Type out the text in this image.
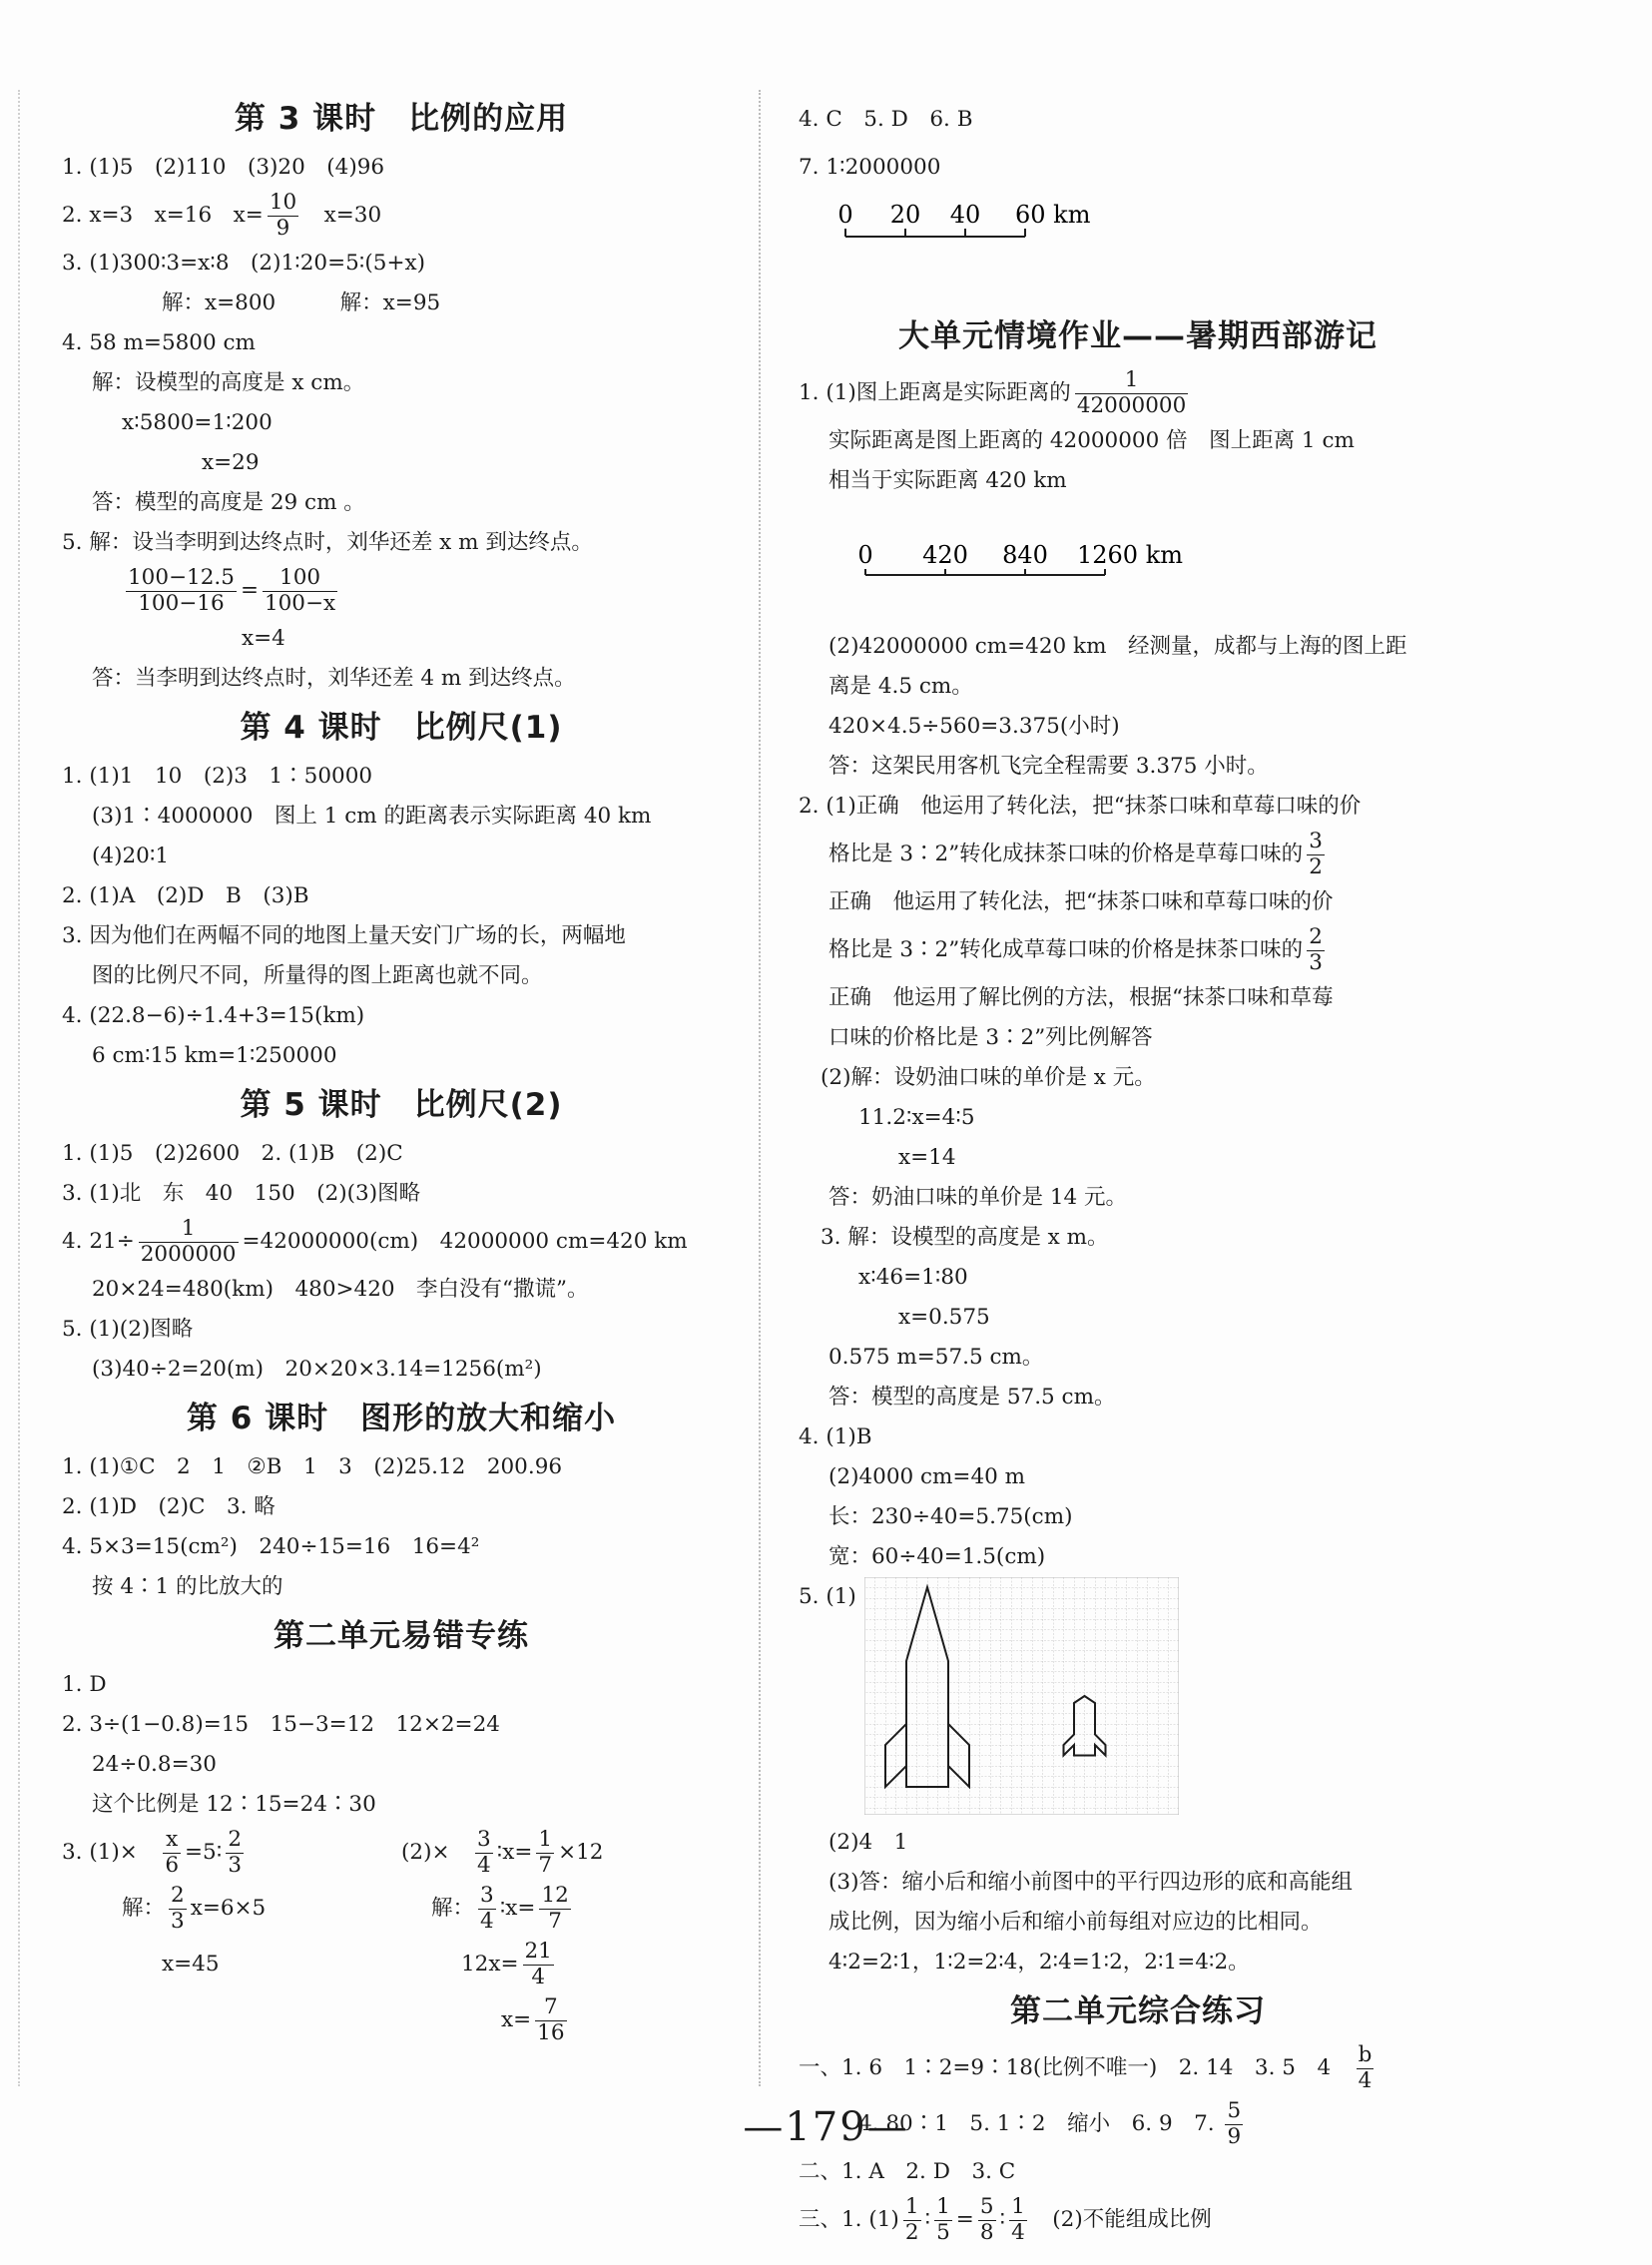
第 3 课时　比例的应用
1. (1)5　(2)110　(3)20　(4)96
2. x=3　x=16　$x= \frac{10}{9}$ 　x=30
3. (1)300∶3=x∶8　(2)1∶20=5∶(5+x)
解：x=800　　　解：x=95
4. 58 m=5800 cm
解：设模型的高度是 x cm。
x∶5800=1∶200
x=29
答：模型的高度是 29 cm 。
5. 解：设当李明到达终点时，刘华还差 x m 到达终点。
$\frac{100-12.5}{100-16} = \frac{100}{100-x}$
x=4
答：当李明到达终点时，刘华还差 4 m 到达终点。
第 4 课时　比例尺(1)
1. (1)1　10　(2)3　1∶50000
(3)1∶4000000　图上 1 cm 的距离表示实际距离 40 km
(4)20∶1
2. (1)A　(2)D　B　(3)B
3. 因为他们在两幅不同的地图上量天安门广场的长，两幅地
图的比例尺不同，所量得的图上距离也就不同。
4. (22.8−6)÷1.4+3=15(km)
6 cm∶15 km=1∶250000
第 5 课时　比例尺(2)
1. (1)5　(2)2600　2. (1)B　(2)C
3. (1)北　东　40　150　(2)(3)图略
4. $21\div \frac{1}{2000000} =42000000(cm)$　42000000 cm=420 km
20×24=480(km)　480>420　李白没有“撒谎”。
5. (1)(2)图略
(3)40÷2=20(m)　20×20×3.14=1256(m²)
第 6 课时　图形的放大和缩小
1. (1)①C　2　1　②B　1　3　(2)25.12　200.96
2. (1)D　(2)C　3. 略
4. 5×3=15(cm²)　240÷15=16　16=4²
按 4∶1 的比放大的
第二单元易错专练
1. D
2. 3÷(1−0.8)=15　15−3=12　12×2=24
24÷0.8=30
这个比例是 12∶15=24∶30
3. (1)×　 $\frac{x}{6}$ =5∶ $\frac{2}{3}$
解： $\frac{2}{3} x=6\times 5$
x=45
(2)×　 $\frac{3}{4}$ ∶x= $\frac{1}{7} \times 12$
解： $\frac{3}{4}$ ∶x= $\frac{12}{7}$
$12x= \frac{21}{4}$
$x= \frac{7}{16}$
4. C　5. D　6. B
7. 1∶2000000

0 20 40 60 km

大单元情境作业——暑期西部游记
1. (1)图上距离是实际距离的 $\frac{1}{42000000}$
实际距离是图上距离的 42000000 倍　图上距离 1 cm
相当于实际距离 420 km

0 420 840 1260 km

(2)42000000 cm=420 km　经测量，成都与上海的图上距
离是 4.5 cm。
420×4.5÷560=3.375(小时)
答：这架民用客机飞完全程需要 3.375 小时。
2. (1)正确　他运用了转化法，把“抹茶口味和草莓口味的价
格比是 3∶2”转化成抹茶口味的价格是草莓口味的 $\frac{3}{2}$
正确　他运用了转化法，把“抹茶口味和草莓口味的价
格比是 3∶2”转化成草莓口味的价格是抹茶口味的 $\frac{2}{3}$
正确　他运用了解比例的方法，根据“抹茶口味和草莓
口味的价格比是 3∶2”列比例解答
(2)解：设奶油口味的单价是 x 元。
11.2∶x=4∶5
x=14
答：奶油口味的单价是 14 元。
3. 解：设模型的高度是 x m。
x∶46=1∶80
x=0.575
0.575 m=57.5 cm。
答：模型的高度是 57.5 cm。
4. (1)B
(2)4000 cm=40 m
长：230÷40=5.75(cm)
宽：60÷40=1.5(cm)
5. (1)
(2)4　1
(3)答：缩小后和缩小前图中的平行四边形的底和高能组
成比例，因为缩小后和缩小前每组对应边的比相同。
4∶2=2∶1，1∶2=2∶4，2∶4=1∶2，2∶1=4∶2。
第二单元综合练习
一、1. 6　1∶2=9∶18(比例不唯一)　2. 14　3. 5　4　 $\frac{b}{4}$
4. 80∶1　5. 1∶2　缩小　6. 9　7. $\frac{5}{9}$
二、1. A　2. D　3. C
三、1. $(1) \frac{1}{2}$ ∶ $\frac{1}{5} = \frac{5}{8}$ ∶ $\frac{1}{4}$ 　(2)不能组成比例
—179—
